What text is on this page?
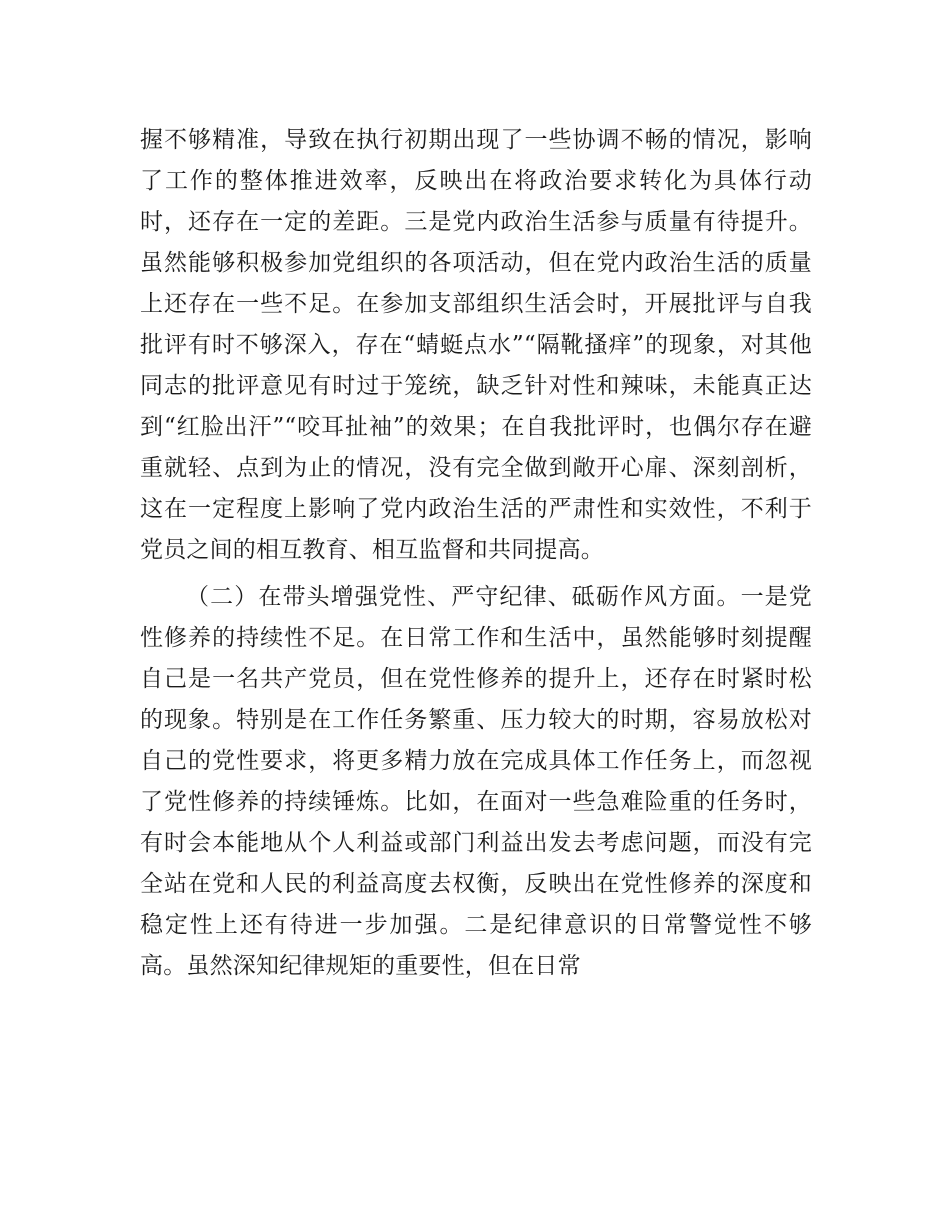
握不够精准，导致在执行初期出现了一些协调不畅的情况，影响了工作的整体推进效率，反映出在将政治要求转化为具体行动时，还存在一定的差距。三是党内政治生活参与质量有待提升。虽然能够积极参加党组织的各项活动，但在党内政治生活的质量上还存在一些不足。在参加支部组织生活会时，开展批评与自我批评有时不够深入，存在“蜻蜓点水”“隔靴搔痒”的现象，对其他同志的批评意见有时过于笼统，缺乏针对性和辣味，未能真正达到“红脸出汗”“咬耳扯袖”的效果；在自我批评时，也偶尔存在避重就轻、点到为止的情况，没有完全做到敞开心扉、深刻剖析，这在一定程度上影响了党内政治生活的严肃性和实效性，不利于党员之间的相互教育、相互监督和共同提高。

（二）在带头增强党性、严守纪律、砥砺作风方面。一是党性修养的持续性不足。在日常工作和生活中，虽然能够时刻提醒自己是一名共产党员，但在党性修养的提升上，还存在时紧时松的现象。特别是在工作任务繁重、压力较大的时期，容易放松对自己的党性要求，将更多精力放在完成具体工作任务上，而忽视了党性修养的持续锤炼。比如，在面对一些急难险重的任务时，有时会本能地从个人利益或部门利益出发去考虑问题，而没有完全站在党和人民的利益高度去权衡，反映出在党性修养的深度和稳定性上还有待进一步加强。二是纪律意识的日常警觉性不够高。虽然深知纪律规矩的重要性，但在日常
